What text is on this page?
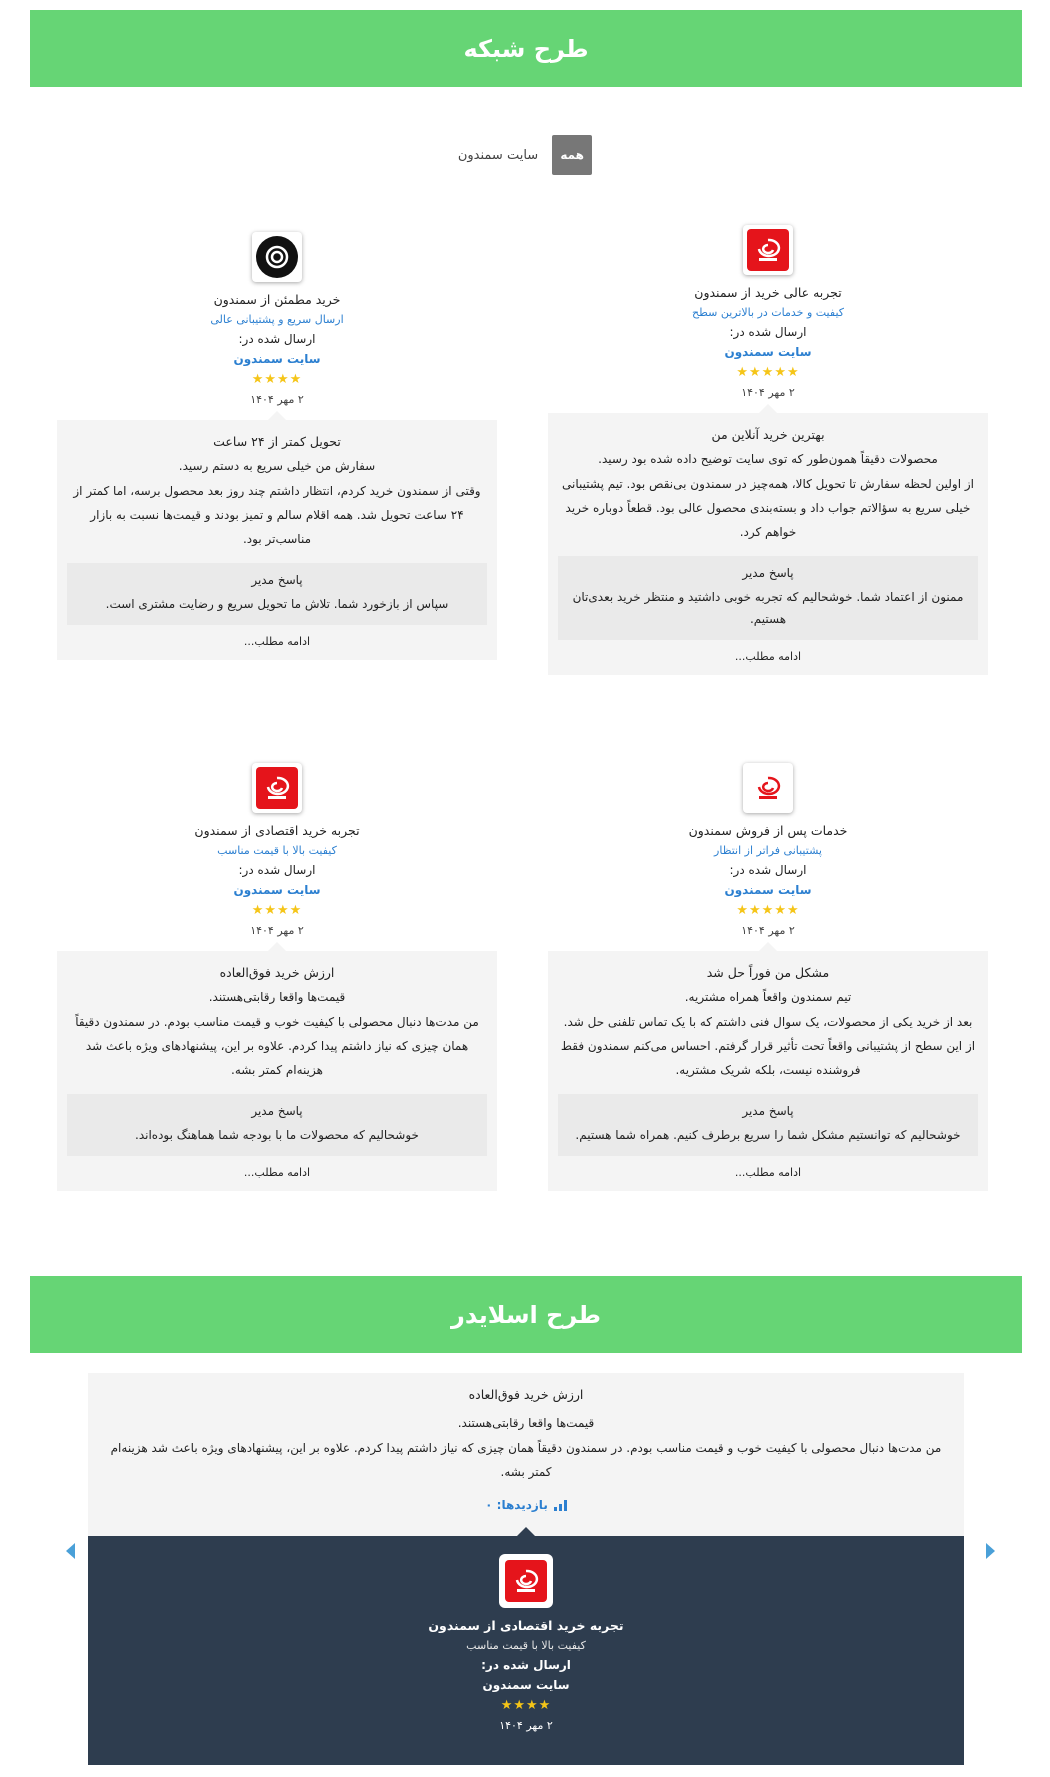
طرح شبکه
همه
سایت سمندون
تجربه عالی خرید از سمندون
کیفیت و خدمات در بالاترین سطح
ارسال شده در:
سایت سمندون
★★★★★
۲ مهر ۱۴۰۴
بهترین خرید آنلاین من
محصولات دقیقاً همون‌طور که توی سایت توضیح داده شده بود رسید.
از اولین لحظه سفارش تا تحویل کالا، همه‌چیز در سمندون بی‌نقص بود. تیم پشتیبانی خیلی سریع به سؤالاتم جواب داد و بسته‌بندی محصول عالی بود. قطعاً دوباره خرید خواهم کرد.
پاسخ مدیر
ممنون از اعتماد شما. خوشحالیم که تجربه خوبی داشتید و منتظر خرید بعدی‌تان هستیم.
ادامه مطلب...
خرید مطمئن از سمندون
ارسال سریع و پشتیبانی عالی
ارسال شده در:
سایت سمندون
★★★★
۲ مهر ۱۴۰۴
تحویل کمتر از ۲۴ ساعت
سفارش من خیلی سریع به دستم رسید.
وقتی از سمندون خرید کردم، انتظار داشتم چند روز بعد محصول برسه، اما کمتر از ۲۴ ساعت تحویل شد. همه اقلام سالم و تمیز بودند و قیمت‌ها نسبت به بازار مناسب‌تر بود.
پاسخ مدیر
سپاس از بازخورد شما. تلاش ما تحویل سریع و رضایت مشتری است.
ادامه مطلب...
خدمات پس از فروش سمندون
پشتیبانی فراتر از انتظار
ارسال شده در:
سایت سمندون
★★★★★
۲ مهر ۱۴۰۴
مشکل من فوراً حل شد
تیم سمندون واقعاً همراه مشتریه.
بعد از خرید یکی از محصولات، یک سوال فنی داشتم که با یک تماس تلفنی حل شد. از این سطح از پشتیبانی واقعاً تحت تأثیر قرار گرفتم. احساس می‌کنم سمندون فقط فروشنده نیست، بلکه شریک مشتریه.
پاسخ مدیر
خوشحالیم که توانستیم مشکل شما را سریع برطرف کنیم. همراه شما هستیم.
ادامه مطلب...
تجربه خرید اقتصادی از سمندون
کیفیت بالا با قیمت مناسب
ارسال شده در:
سایت سمندون
★★★★
۲ مهر ۱۴۰۴
ارزش خرید فوق‌العاده
قیمت‌ها واقعا رقابتی‌هستند.
من مدت‌ها دنبال محصولی با کیفیت خوب و قیمت مناسب بودم. در سمندون دقیقاً همان چیزی که نیاز داشتم پیدا کردم. علاوه بر این، پیشنهادهای ویژه باعث شد هزینه‌ام کمتر بشه.
پاسخ مدیر
خوشحالیم که محصولات ما با بودجه شما هماهنگ بوده‌اند.
ادامه مطلب...
طرح اسلایدر
ارزش خرید فوق‌العاده
قیمت‌ها واقعا رقابتی‌هستند.
من مدت‌ها دنبال محصولی با کیفیت خوب و قیمت مناسب بودم. در سمندون دقیقاً همان چیزی که نیاز داشتم پیدا کردم. علاوه بر این، پیشنهادهای ویژه باعث شد هزینه‌ام کمتر بشه.
بازدیدها: ۰
تجربه خرید اقتصادی از سمندون
کیفیت بالا با قیمت مناسب
ارسال شده در:
سایت سمندون
★★★★
۲ مهر ۱۴۰۴
